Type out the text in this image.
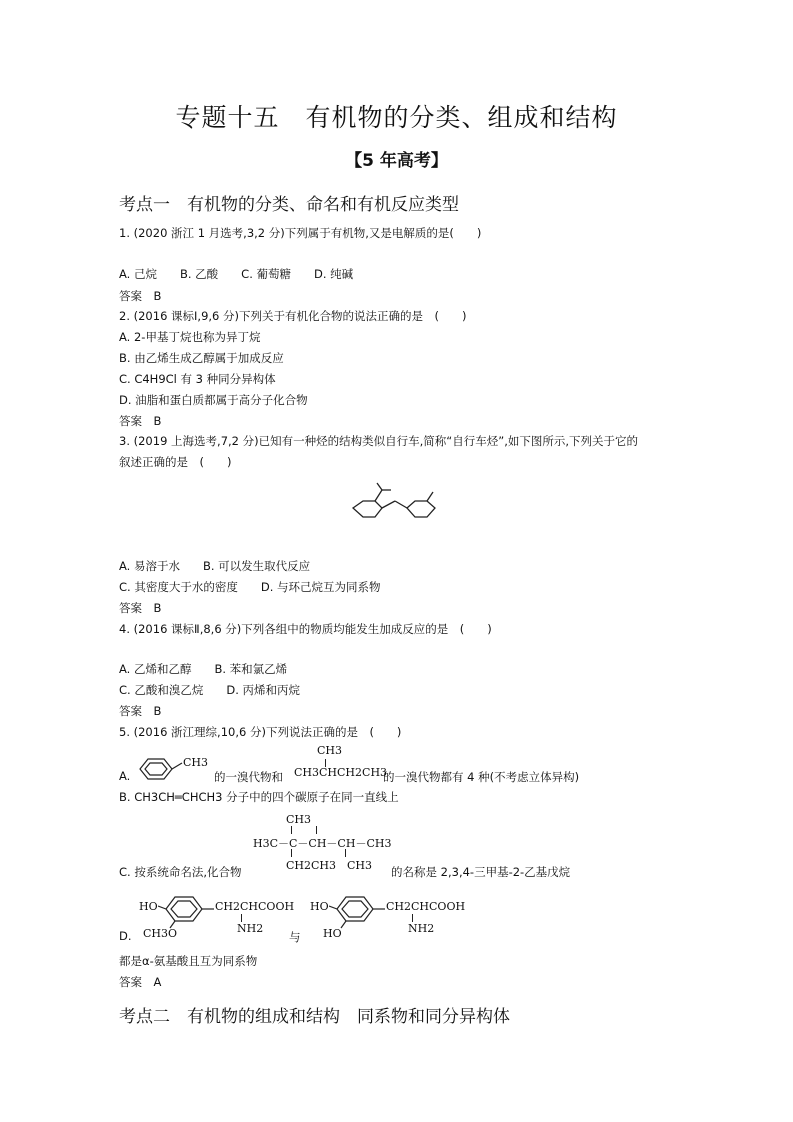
专题十五　有机物的分类、组成和结构
【5 年高考】
考点一　有机物的分类、命名和有机反应类型
1. (2020 浙江 1 月选考,3,2 分)下列属于有机物,又是电解质的是(　　)
A. 己烷　　B. 乙酸　　C. 葡萄糖　　D. 纯碱
答案　B
2. (2016 课标Ⅰ,9,6 分)下列关于有机化合物的说法正确的是　(　　)
A. 2-甲基丁烷也称为异丁烷
B. 由乙烯生成乙醇属于加成反应
C. C4H9Cl 有 3 种同分异构体
D. 油脂和蛋白质都属于高分子化合物
答案　B
3. (2019 上海选考,7,2 分)已知有一种烃的结构类似自行车,简称“自行车烃”,如下图所示,下列关于它的
叙述正确的是　(　　)
A. 易溶于水　　B. 可以发生取代反应
C. 其密度大于水的密度　　D. 与环己烷互为同系物
答案　B
4. (2016 课标Ⅱ,8,6 分)下列各组中的物质均能发生加成反应的是　(　　)
A. 乙烯和乙醇　　B. 苯和氯乙烯
C. 乙酸和溴乙烷　　D. 丙烯和丙烷
答案　B
5. (2016 浙江理综,10,6 分)下列说法正确的是　(　　)
A.
CH3
的一溴代物和
CH3
CH3CHCH2CH3
的一溴代物都有 4 种(不考虑立体异构)
B. CH3CH═CHCH3 分子中的四个碳原子在同一直线上
CH3
H3C－C－CH－CH－CH3
CH2CH3　CH3
C. 按系统命名法,化合物	的名称是 2,3,4-三甲基-2-乙基戊烷
D.
HO	CH2CHCOOH
NH2
CH3O	与
HO	CH2CHCOOH
NH2
HO
都是α-氨基酸且互为同系物
答案　A
考点二　有机物的组成和结构　同系物和同分异构体
